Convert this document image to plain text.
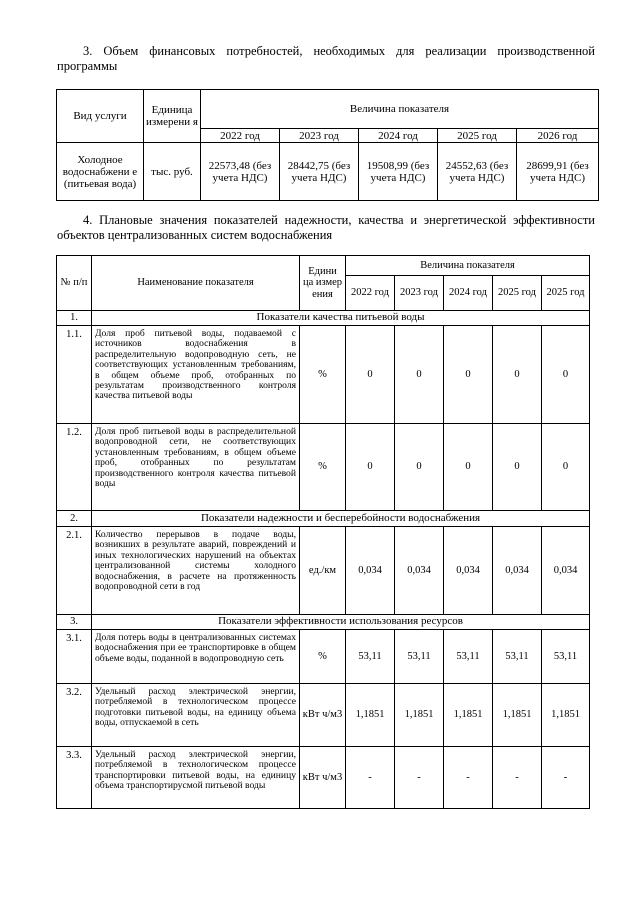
3. Объем финансовых потребностей, необходимых для реализации производственной программы

Вид услуги	Единица измерени я	Величина показателя				
		2022 год	2023 год	2024 год	2025 год	2026 год
Холодное водоснабжени е (питьевая вода)	тыс. руб.	22573,48 (без учета НДС)	28442,75 (без учета НДС)	19508,99 (без учета НДС)	24552,63 (без учета НДС)	28699,91 (без учета НДС)

4. Плановые значения показателей надежности, качества и энергетической эффективности объектов централизованных систем водоснабжения

№ п/п	Наименование показателя	Едини ца измер ения	Величина показателя				
			2022 год	2023 год	2024 год	2025 год	2025 год
1.	Показатели качества питьевой воды						
1.1.	Доля проб питьевой воды, подаваемой с источников водоснабжения в распределительную водопроводную сеть, не соответствующих установленным требованиям, в общем объеме проб, отобранных по результатам производственного контроля качества питьевой воды	%	0	0	0	0	0
1.2.	Доля проб питьевой воды в распределительной водопроводной сети, не соответствующих установленным требованиям, в общем объеме проб, отобранных по результатам производственного контроля качества питьевой воды	%	0	0	0	0	0
2.	Показатели надежности и бесперебойности водоснабжения						
2.1.	Количество перерывов в подаче воды, возникших в результате аварий, повреждений и иных технологических нарушений на объектах централизованной системы холодного водоснабжения, в расчете на протяженность водопроводной сети в год	ед./км	0,034	0,034	0,034	0,034	0,034
3.	Показатели эффективности использования ресурсов						
3.1.	Доля потерь воды в централизованных системах водоснабжения при ее транспортировке в общем объеме воды, поданной в водопроводную сеть	%	53,11	53,11	53,11	53,11	53,11
3.2.	Удельный расход электрической энергии, потребляемой в технологическом процессе подготовки питьевой воды, на единицу объема воды, отпускаемой в сеть	кВт ч/м3	1,1851	1,1851	1,1851	1,1851	1,1851
3.3.	Удельный расход электрической энергии, потребляемой в технологическом процессе транспортировки питьевой воды, на единицу объема транспортирусмой питьевой воды	кВт ч/м3	-	-	-	-	-
